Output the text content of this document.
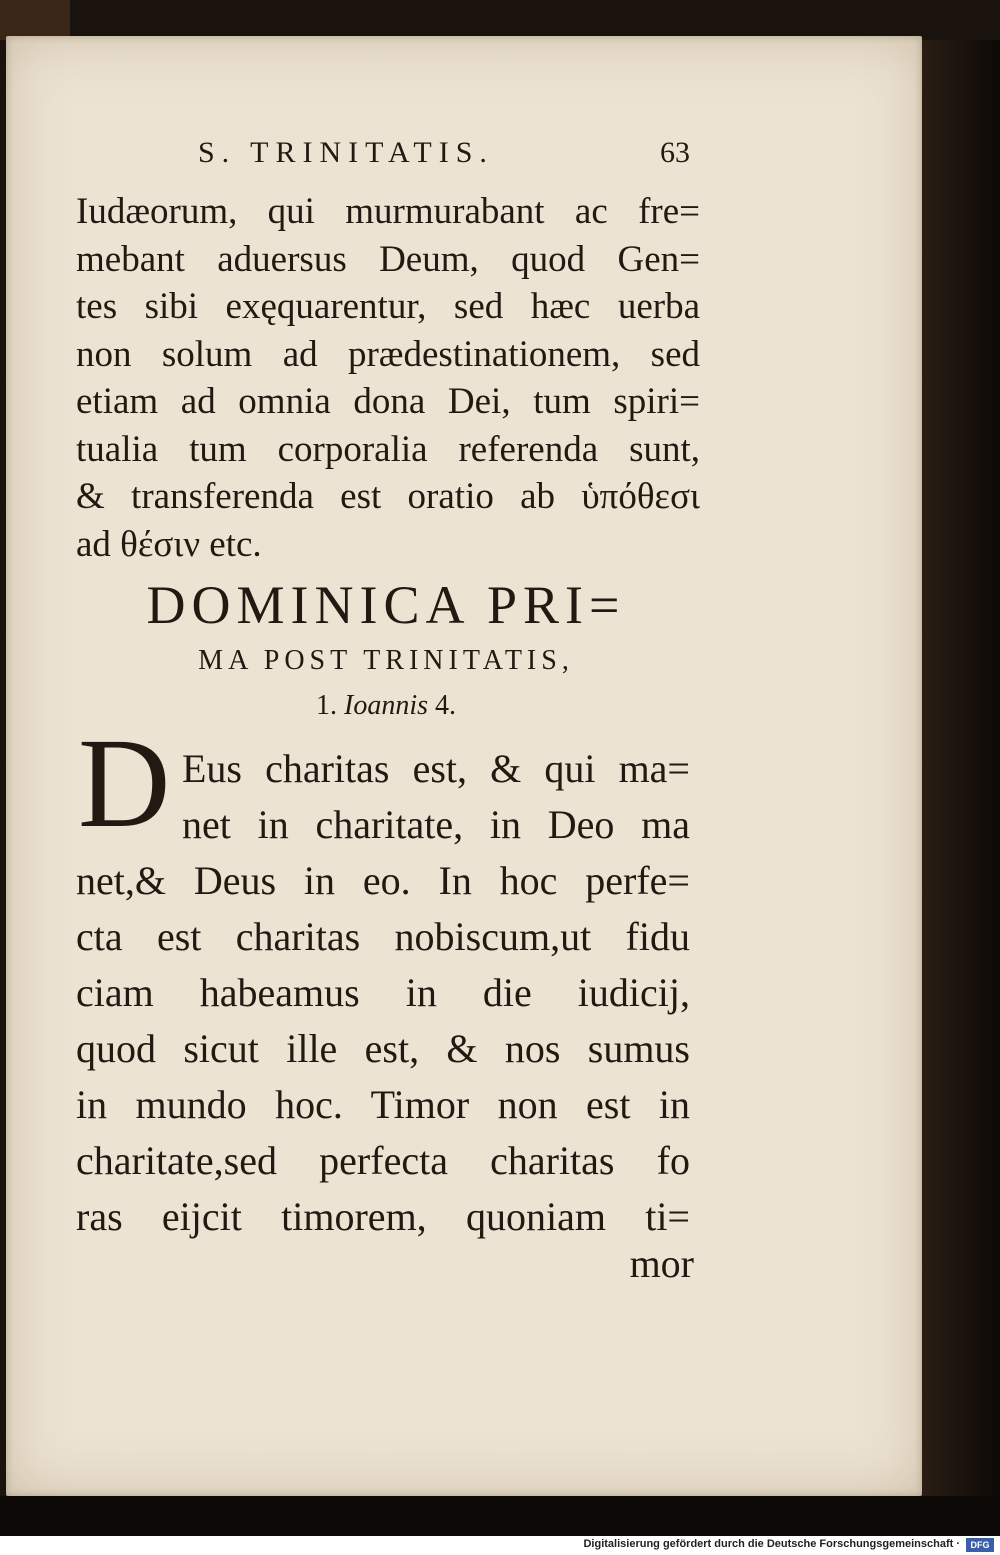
S. TRINITATIS.	63
Iudæorum, qui murmurabant ac fre=
mebant aduersus Deum, quod Gen=
tes sibi exęquarentur, sed hæc uerba
non solum ad prædestinationem, sed
etiam ad omnia dona Dei, tum spiri=
tualia tum corporalia referenda sunt,
& transferenda est oratio ab ὑπόθεσι
ad θέσιν etc.
DOMINICA PRI=
MA POST TRINITATIS,
1. Ioannis 4.
D Eus charitas est, & qui ma=
net in charitate, in Deo ma
net,& Deus in eo. In hoc perfe=
cta est charitas nobiscum,ut fidu
ciam habeamus in die iudicij,
quod sicut ille est, & nos sumus
in mundo hoc. Timor non est in
charitate,sed perfecta charitas fo
ras eijcit timorem, quoniam ti=
mor
Digitalisierung gefördert durch die Deutsche Forschungsgemeinschaft ·	DFG
